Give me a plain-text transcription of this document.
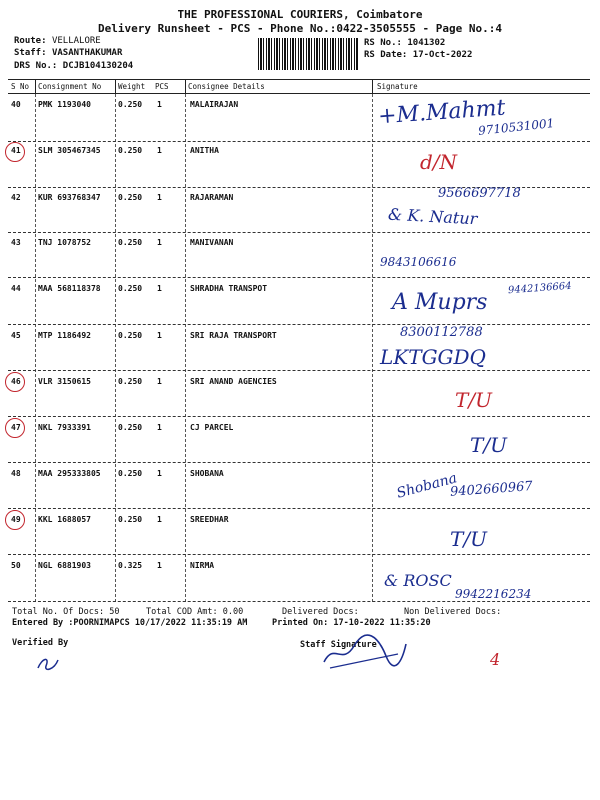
THE PROFESSIONAL COURIERS, Coimbatore
Delivery Runsheet - PCS - Phone No.:0422-3505555 - Page No.:4
Route: VELLALORE
Staff: VASANTHAKUMAR
DRS No.: DCJB104130204
RS No.: 1041302
RS Date: 17-Oct-2022
S No Consignment No Weight PCS	Consignee Details	Signature
40 PMK 1193040	0.250 1	MALAIRAJAN	+M.Mahmt
9710531001
41 SLM 305467345 0.250 1	ANITHA	d/N
42 KUR 693768347 0.250 1	RAJARAMAN	9566697718
& K. Natur
43 TNJ 1078752	0.250 1	MANIVANAN
9843106616
44 MAA 568118378 0.250 1	SHRADHA TRANSPOT
A Muprs
9442136664
45 MTP 1186492	0.250 1	SRI RAJA TRANSPORT	8300112788
LKTGGDQ
46 VLR 3150615	0.250 1	SRI ANAND AGENCIES
T/U
47 NKL 7933391	0.250 1	CJ PARCEL
T/U
48 MAA 295333805 0.250 1	SHOBANA	Shobana
9402660967
49 KKL 1688057	0.250 1	SREEDHAR
T/U
50 NGL 6881903	0.325 1	NIRMA
& ROSC
9942216234
Total No. Of Docs: 50	Total COD Amt: 0.00	Delivered Docs:	Non Delivered Docs:
Entered By :POORNIMAPCS 10/17/2022 11:35:19 AM	Printed On: 17-10-2022 11:35:20
Verified By	Staff Signature
4
